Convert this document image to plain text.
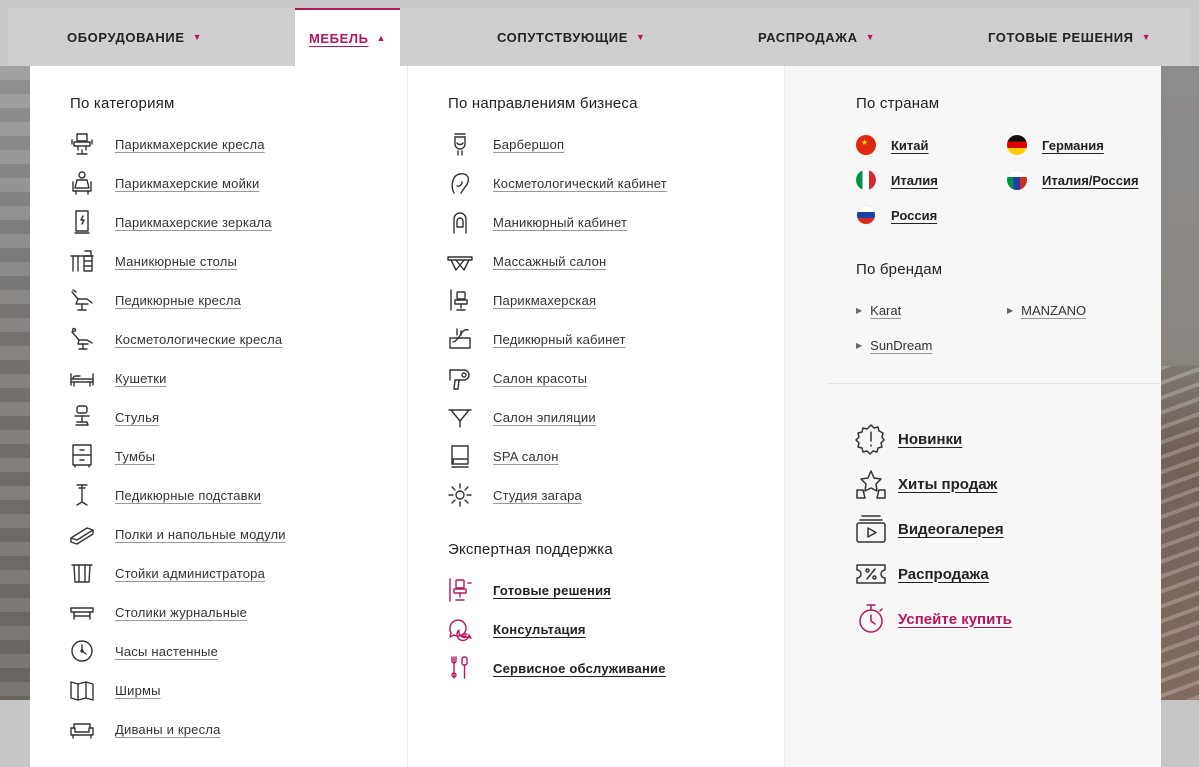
ОБОРУДОВАНИЕ ▼	МЕБЕЛЬ ▲	СОПУТСТВУЮЩИЕ ▼	РАСПРОДАЖА ▼	ГОТОВЫЕ РЕШЕНИЯ ▼
По категориям
Парикмахерские кресла
Парикмахерские мойки
Парикмахерские зеркала
Маникюрные столы
Педикюрные кресла
Косметологические кресла
Кушетки
Стулья
Тумбы
Педикюрные подставки
Полки и напольные модули
Стойки администратора
Столики журнальные
Часы настенные
Ширмы
Диваны и кресла
По направлениям бизнеса
Барбершоп
Косметологический кабинет
Маникюрный кабинет
Массажный салон
Парикмахерская
Педикюрный кабинет
Салон красоты
Салон эпиляции
SPA салон
Студия загара
Экспертная поддержка
Готовые решения
Консультация
Сервисное обслуживание
По странам
★ Китай	Германия
Италия	Италия/Россия
Россия
По брендам
▶ Karat	▶ MANZANO
▶ SunDream
Новинки
Хиты продаж
Видеогалерея
Распродажа
Успейте купить
